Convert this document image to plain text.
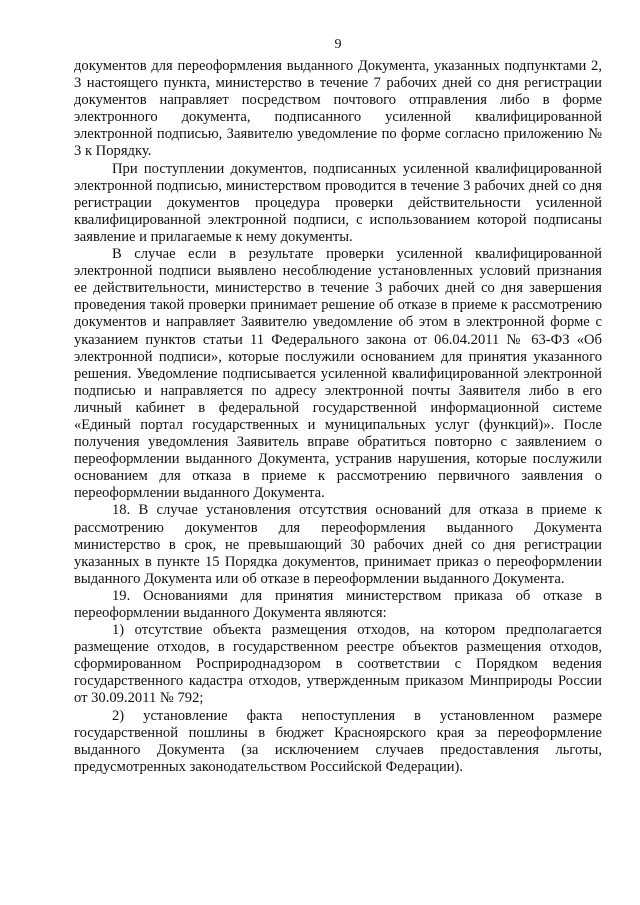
9

документов для переоформления выданного Документа, указанных подпунктами 2, 3 настоящего пункта, министерство в течение 7 рабочих дней со дня регистрации документов направляет посредством почтового отправления либо в форме электронного документа, подписанного усиленной квалифицированной электронной подписью, Заявителю уведомление по форме согласно приложению № 3 к Порядку.

При поступлении документов, подписанных усиленной квалифицированной электронной подписью, министерством проводится в течение 3 рабочих дней со дня регистрации документов процедура проверки действительности усиленной квалифицированной электронной подписи, с использованием которой подписаны заявление и прилагаемые к нему документы.

В случае если в результате проверки усиленной квалифицированной электронной подписи выявлено несоблюдение установленных условий признания ее действительности, министерство в течение 3 рабочих дней со дня завершения проведения такой проверки принимает решение об отказе в приеме к рассмотрению документов и направляет Заявителю уведомление об этом в электронной форме с указанием пунктов статьи 11 Федерального закона от 06.04.2011 № 63-ФЗ «Об электронной подписи», которые послужили основанием для принятия указанного решения. Уведомление подписывается усиленной квалифицированной электронной подписью и направляется по адресу электронной почты Заявителя либо в его личный кабинет в федеральной государственной информационной системе «Единый портал государственных и муниципальных услуг (функций)». После получения уведомления Заявитель вправе обратиться повторно с заявлением о переоформлении выданного Документа, устранив нарушения, которые послужили основанием для отказа в приеме к рассмотрению первичного заявления о переоформлении выданного Документа.

18. В случае установления отсутствия оснований для отказа в приеме к рассмотрению документов для переоформления выданного Документа министерство в срок, не превышающий 30 рабочих дней со дня регистрации указанных в пункте 15 Порядка документов, принимает приказ о переоформлении выданного Документа или об отказе в переоформлении выданного Документа.

19. Основаниями для принятия министерством приказа об отказе в переоформлении выданного Документа являются:

1) отсутствие объекта размещения отходов, на котором предполагается размещение отходов, в государственном реестре объектов размещения отходов, сформированном Росприроднадзором в соответствии с Порядком ведения государственного кадастра отходов, утвержденным приказом Минприроды России от 30.09.2011 № 792;

2) установление факта непоступления в установленном размере государственной пошлины в бюджет Красноярского края за переоформление выданного Документа (за исключением случаев предоставления льготы, предусмотренных законодательством Российской Федерации).
